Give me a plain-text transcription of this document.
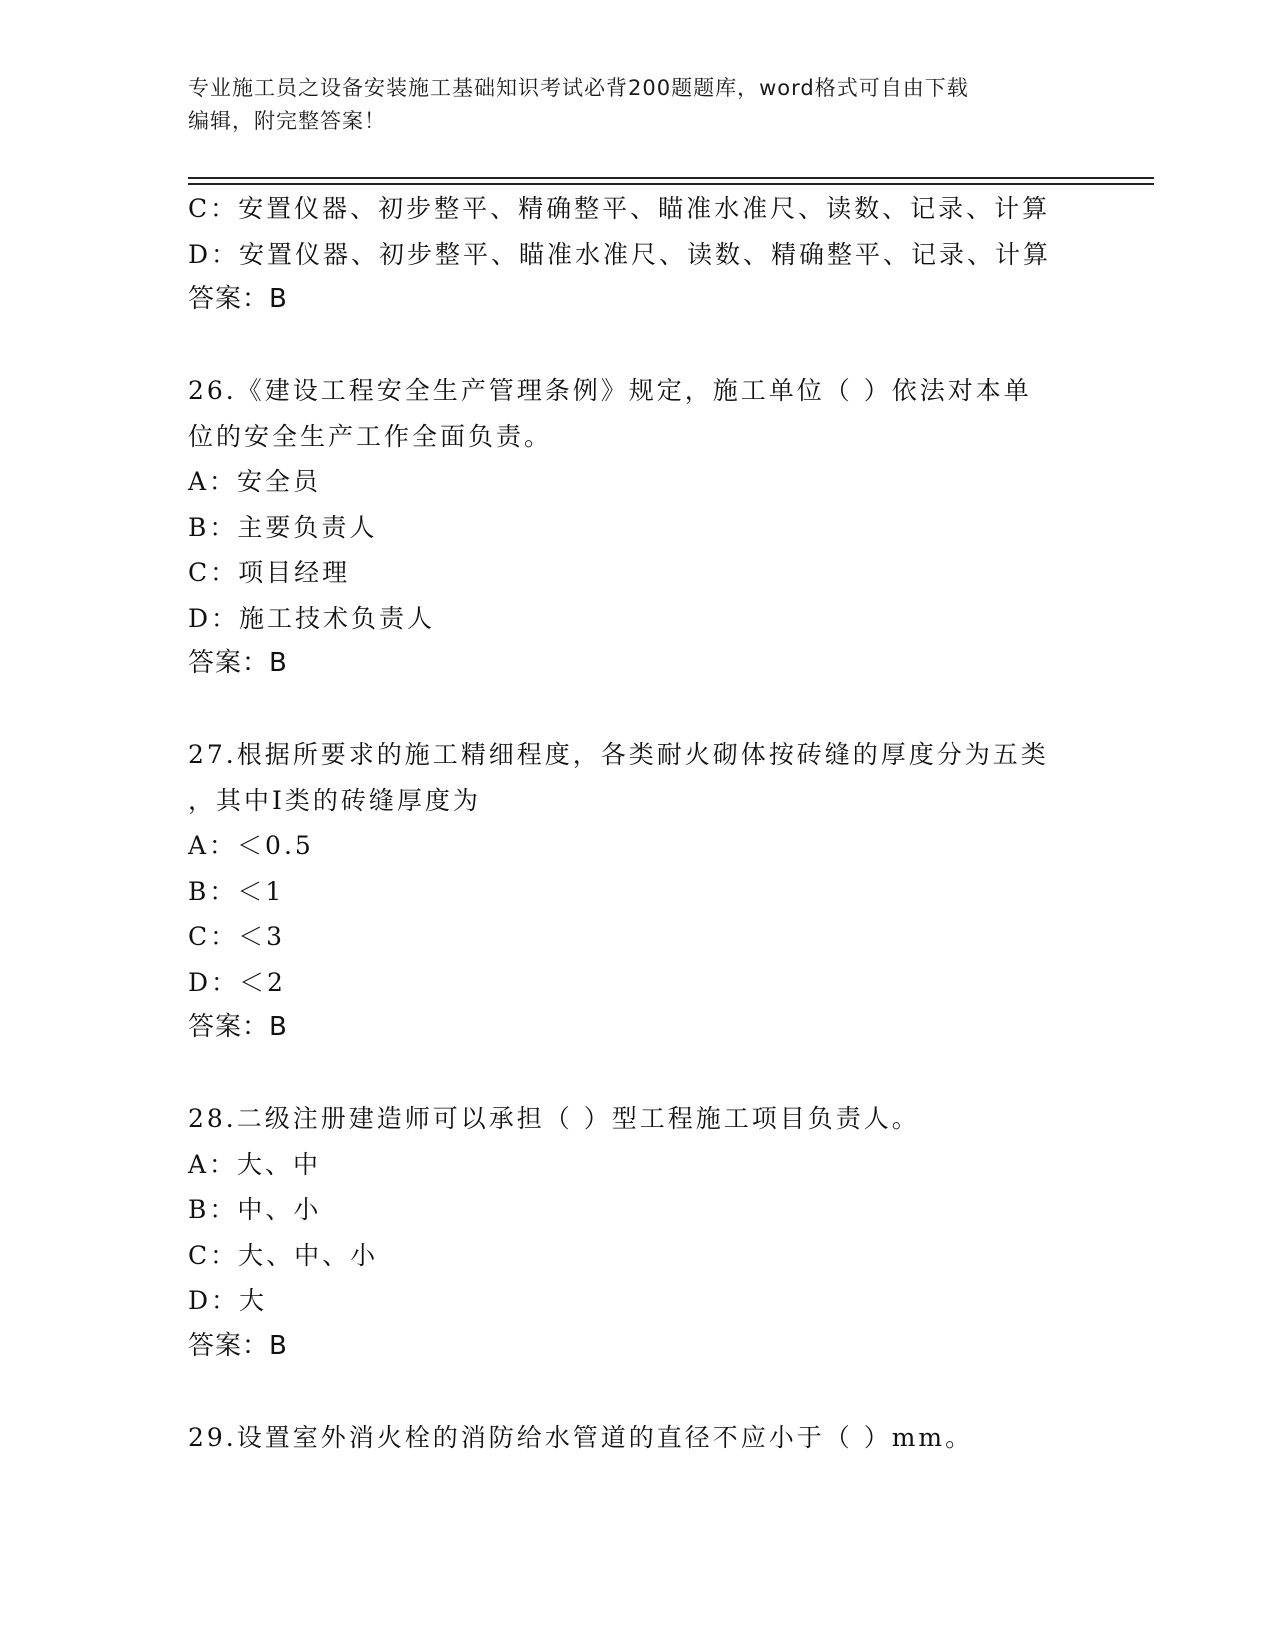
专业施工员之设备安装施工基础知识考试必背200题题库，word格式可自由下载
编辑，附完整答案！
C：安置仪器、初步整平、精确整平、瞄准水准尺、读数、记录、计算
D：安置仪器、初步整平、瞄准水准尺、读数、精确整平、记录、计算
答案：B
26.《建设工程安全生产管理条例》规定，施工单位（ ）依法对本单
位的安全生产工作全面负责。
A：安全员
B：主要负责人
C：项目经理
D：施工技术负责人
答案：B
27.根据所要求的施工精细程度，各类耐火砌体按砖缝的厚度分为五类
，其中Ⅰ类的砖缝厚度为
A：＜0.5
B：＜1
C：＜3
D：＜2
答案：B
28.二级注册建造师可以承担（ ）型工程施工项目负责人。
A：大、中
B：中、小
C：大、中、小
D：大
答案：B
29.设置室外消火栓的消防给水管道的直径不应小于（ ）mm。
